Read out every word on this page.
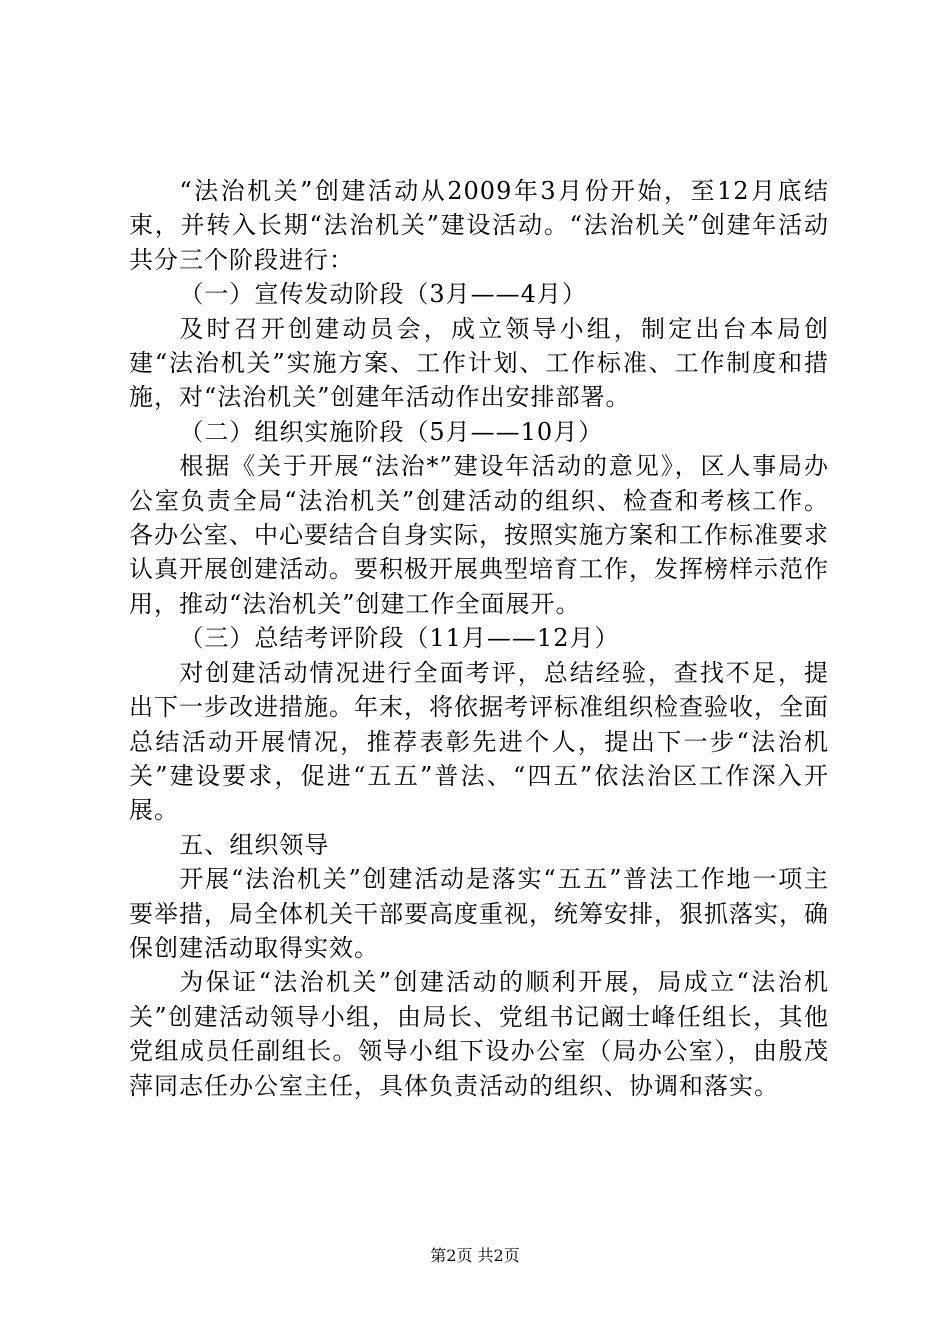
“法治机关”创建活动从2009年3月份开始，至12月底结束，并转入长期“法治机关”建设活动。“法治机关”创建年活动共分三个阶段进行：

（一）宣传发动阶段（3月——4月）

及时召开创建动员会，成立领导小组，制定出台本局创建“法治机关”实施方案、工作计划、工作标准、工作制度和措施，对“法治机关”创建年活动作出安排部署。

（二）组织实施阶段（5月——10月）

根据《关于开展“法治*”建设年活动的意见》，区人事局办公室负责全局“法治机关”创建活动的组织、检查和考核工作。各办公室、中心要结合自身实际，按照实施方案和工作标准要求认真开展创建活动。要积极开展典型培育工作，发挥榜样示范作用，推动“法治机关”创建工作全面展开。

（三）总结考评阶段（11月——12月）

对创建活动情况进行全面考评，总结经验，查找不足，提出下一步改进措施。年末，将依据考评标准组织检查验收，全面总结活动开展情况，推荐表彰先进个人，提出下一步“法治机关”建设要求，促进“五五”普法、“四五”依法治区工作深入开展。

五、组织领导

开展“法治机关”创建活动是落实“五五”普法工作地一项主要举措，局全体机关干部要高度重视，统筹安排，狠抓落实，确保创建活动取得实效。

为保证“法治机关”创建活动的顺利开展，局成立“法治机关”创建活动领导小组，由局长、党组书记阚士峰任组长，其他党组成员任副组长。领导小组下设办公室（局办公室），由殷茂萍同志任办公室主任，具体负责活动的组织、协调和落实。

第2页 共2页
